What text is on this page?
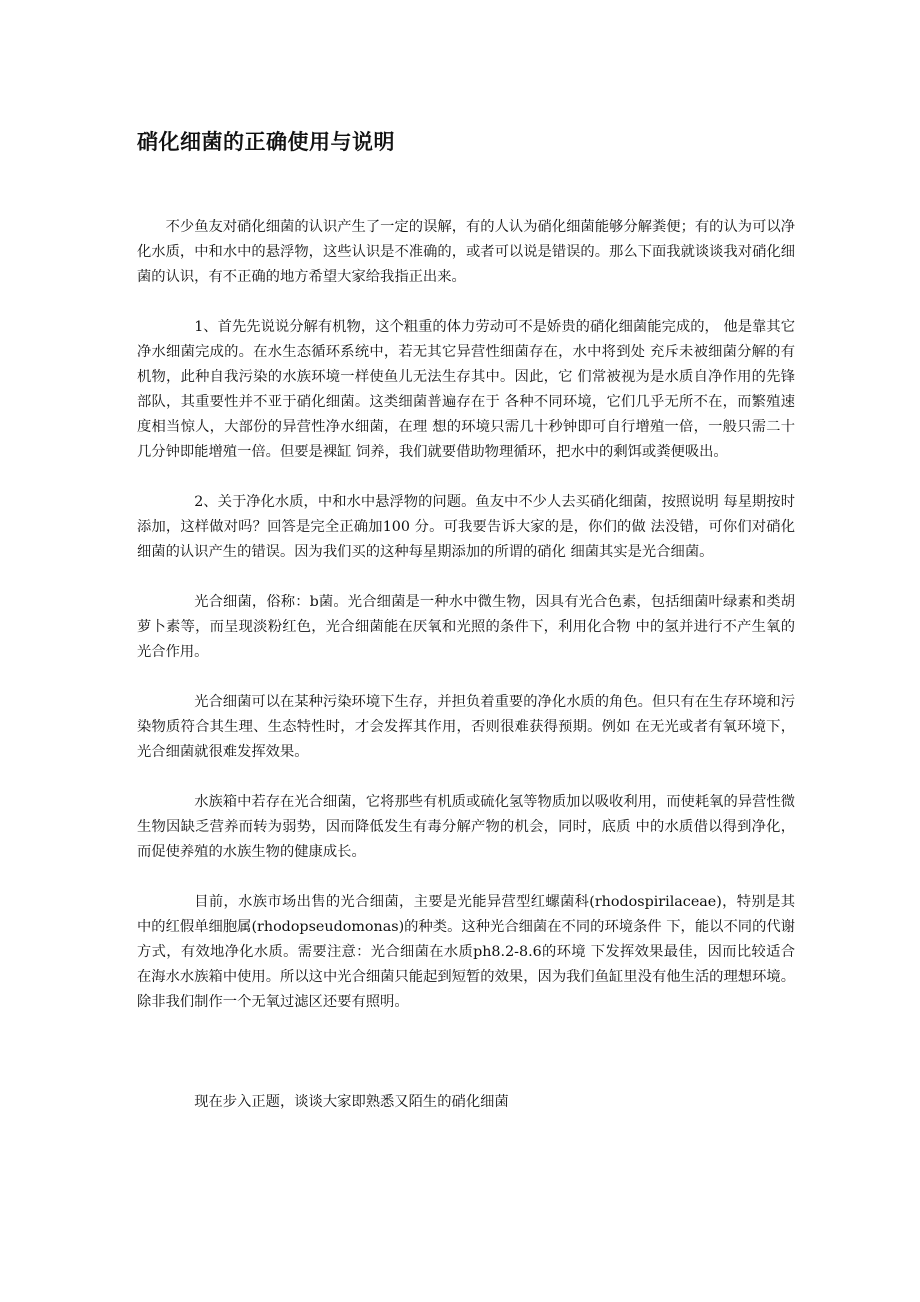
硝化细菌的正确使用与说明

不少鱼友对硝化细菌的认识产生了一定的误解，有的人认为硝化细菌能够分解粪便；有的认为可以净化水质，中和水中的悬浮物，这些认识是不准确的，或者可以说是错误的。那么下面我就谈谈我对硝化细菌的认识，有不正确的地方希望大家给我指正出来。

1、首先先说说分解有机物，这个粗重的体力劳动可不是娇贵的硝化细菌能完成的， 他是靠其它净水细菌完成的。在水生态循环系统中，若无其它异营性细菌存在，水中将到处 充斥未被细菌分解的有机物，此种自我污染的水族环境一样使鱼儿无法生存其中。因此，它 们常被视为是水质自净作用的先锋部队，其重要性并不亚于硝化细菌。这类细菌普遍存在于 各种不同环境，它们几乎无所不在，而繁殖速度相当惊人，大部份的异营性净水细菌，在理 想的环境只需几十秒钟即可自行增殖一倍，一般只需二十几分钟即能增殖一倍。但要是裸缸 饲养，我们就要借助物理循环，把水中的剩饵或粪便吸出。

2、关于净化水质，中和水中悬浮物的问题。鱼友中不少人去买硝化细菌，按照说明 每星期按时添加，这样做对吗？回答是完全正确加100 分。可我要告诉大家的是，你们的做 法没错，可你们对硝化细菌的认识产生的错误。因为我们买的这种每星期添加的所谓的硝化 细菌其实是光合细菌。

光合细菌，俗称：b菌。光合细菌是一种水中微生物，因具有光合色素，包括细菌叶绿素和类胡萝卜素等，而呈现淡粉红色，光合细菌能在厌氧和光照的条件下，利用化合物 中的氢并进行不产生氧的光合作用。

光合细菌可以在某种污染环境下生存，并担负着重要的净化水质的角色。但只有在生存环境和污染物质符合其生理、生态特性时，才会发挥其作用，否则很难获得预期。例如 在无光或者有氧环境下，光合细菌就很难发挥效果。

水族箱中若存在光合细菌，它将那些有机质或硫化氢等物质加以吸收利用，而使耗氧的异营性微生物因缺乏营养而转为弱势，因而降低发生有毒分解产物的机会，同时，底质 中的水质借以得到净化，而促使养殖的水族生物的健康成长。

目前，水族市场出售的光合细菌，主要是光能异营型红螺菌科(rhodospirilaceae)，特别是其中的红假单细胞属(rhodopseudomonas)的种类。这种光合细菌在不同的环境条件 下，能以不同的代谢方式，有效地净化水质。需要注意：光合细菌在水质ph8.2-8.6的环境 下发挥效果最佳，因而比较适合在海水水族箱中使用。所以这中光合细菌只能起到短暂的效果，因为我们鱼缸里没有他生活的理想环境。除非我们制作一个无氧过滤区还要有照明。

现在步入正题，谈谈大家即熟悉又陌生的硝化细菌
